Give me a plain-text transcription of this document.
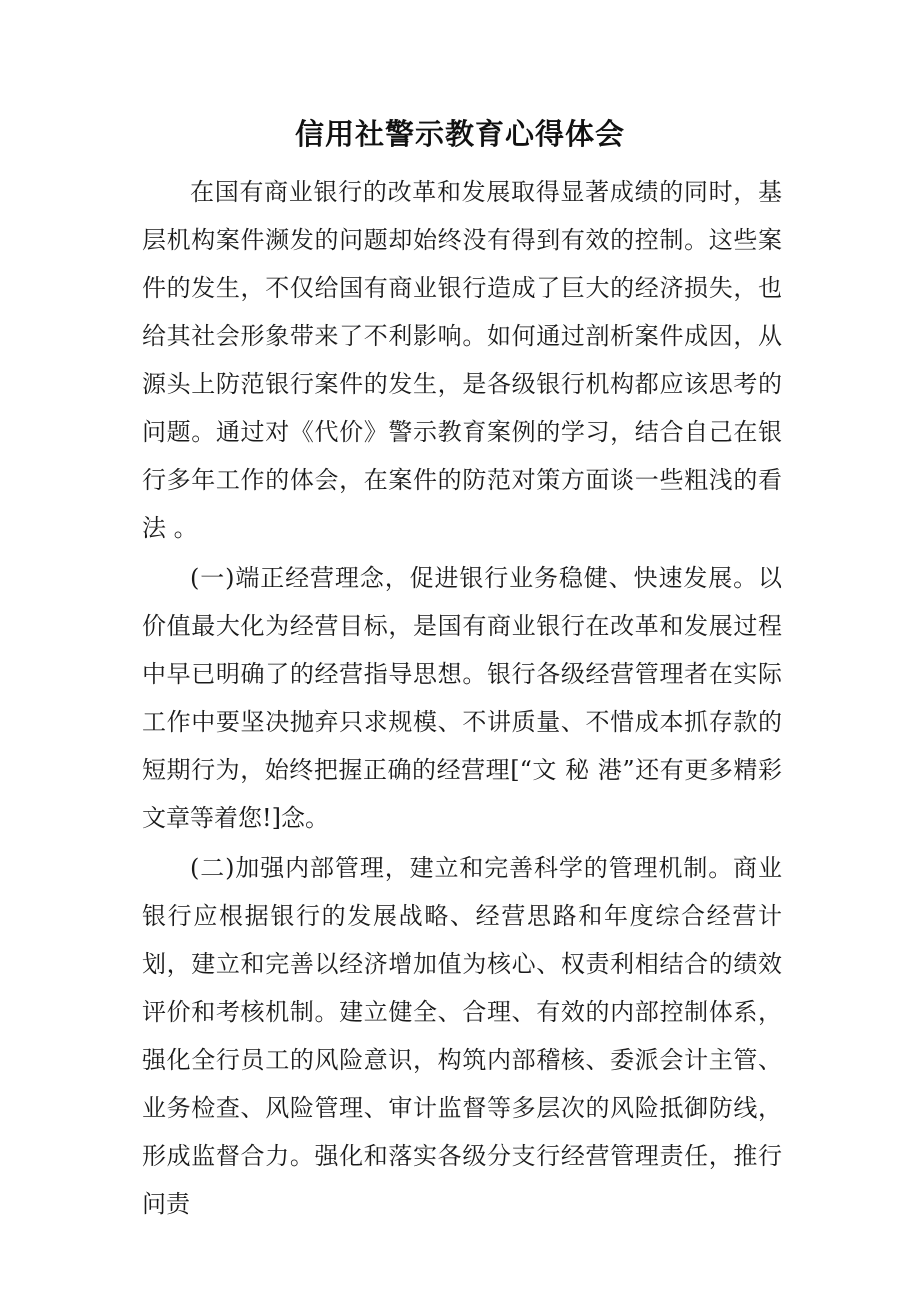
信用社警示教育心得体会

在国有商业银行的改革和发展取得显著成绩的同时，基层机构案件濒发的问题却始终没有得到有效的控制。这些案件的发生，不仅给国有商业银行造成了巨大的经济损失，也给其社会形象带来了不利影响。如何通过剖析案件成因，从源头上防范银行案件的发生，是各级银行机构都应该思考的问题。通过对《代价》警示教育案例的学习，结合自己在银行多年工作的体会，在案件的防范对策方面谈一些粗浅的看法 。

(一)端正经营理念，促进银行业务稳健、快速发展。以价值最大化为经营目标，是国有商业银行在改革和发展过程中早已明确了的经营指导思想。银行各级经营管理者在实际工作中要坚决抛弃只求规模、不讲质量、不惜成本抓存款的短期行为，始终把握正确的经营理[“文 秘 港”还有更多精彩文章等着您!]念。

(二)加强内部管理，建立和完善科学的管理机制。商业银行应根据银行的发展战略、经营思路和年度综合经营计划，建立和完善以经济增加值为核心、权责利相结合的绩效评价和考核机制。建立健全、合理、有效的内部控制体系，强化全行员工的风险意识，构筑内部稽核、委派会计主管、业务检查、风险管理、审计监督等多层次的风险抵御防线，形成监督合力。强化和落实各级分支行经营管理责任，推行问责
